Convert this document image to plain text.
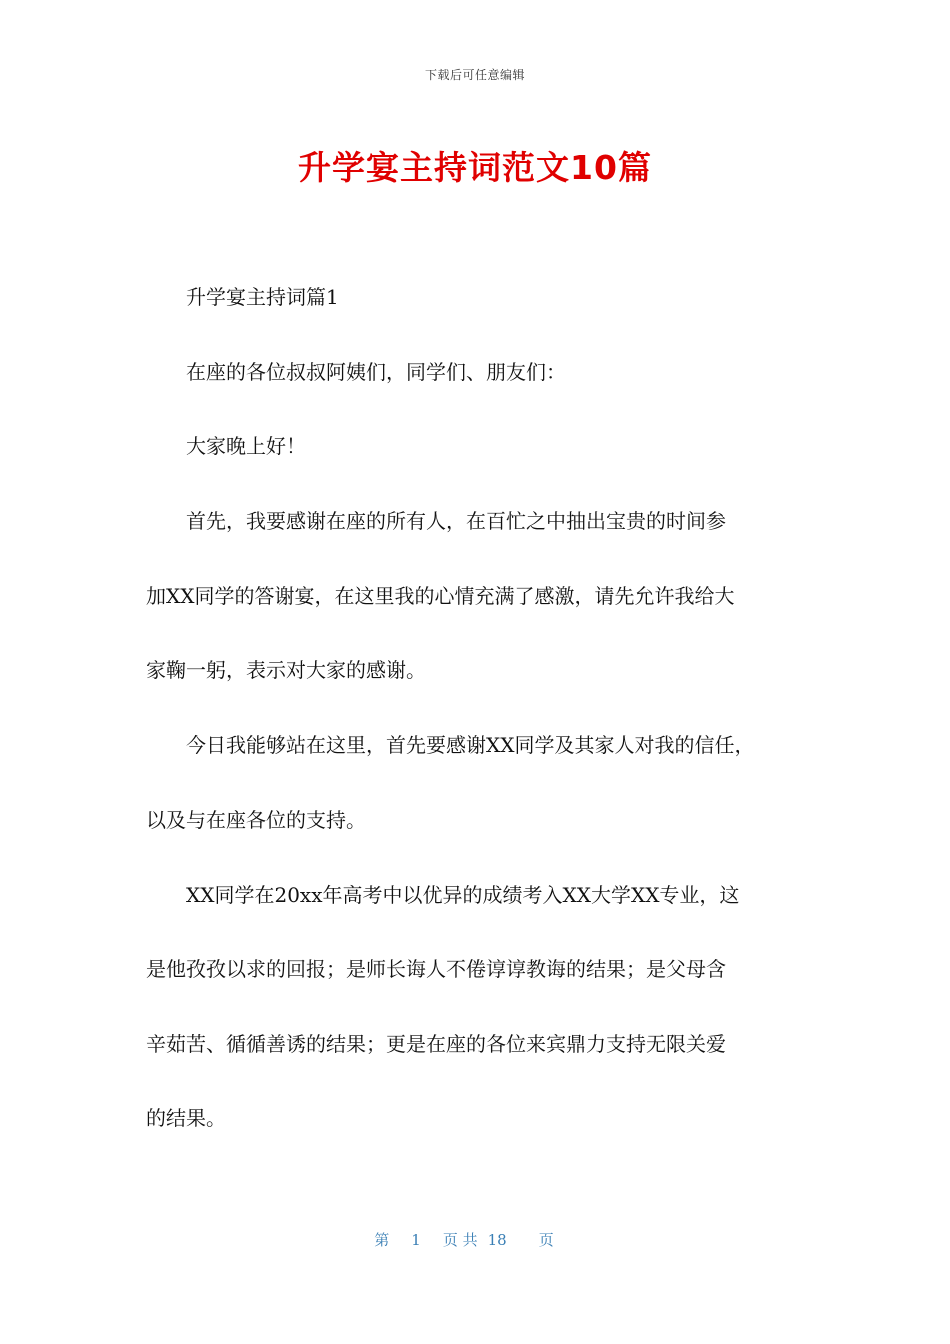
下载后可任意编辑
升学宴主持词范文10篇
　　升学宴主持词篇1
　　在座的各位叔叔阿姨们，同学们、朋友们：
　　大家晚上好！
　　首先，我要感谢在座的所有人，在百忙之中抽出宝贵的时间参
加XX同学的答谢宴，在这里我的心情充满了感激，请先允许我给大
家鞠一躬，表示对大家的感谢。
　　今日我能够站在这里，首先要感谢XX同学及其家人对我的信任，
以及与在座各位的支持。
　　XX同学在20xx年高考中以优异的成绩考入XX大学XX专业，这
是他孜孜以求的回报；是师长诲人不倦谆谆教诲的结果；是父母含
辛茹苦、循循善诱的结果；更是在座的各位来宾鼎力支持无限关爱
的结果。
第 1 页 共 18 页
